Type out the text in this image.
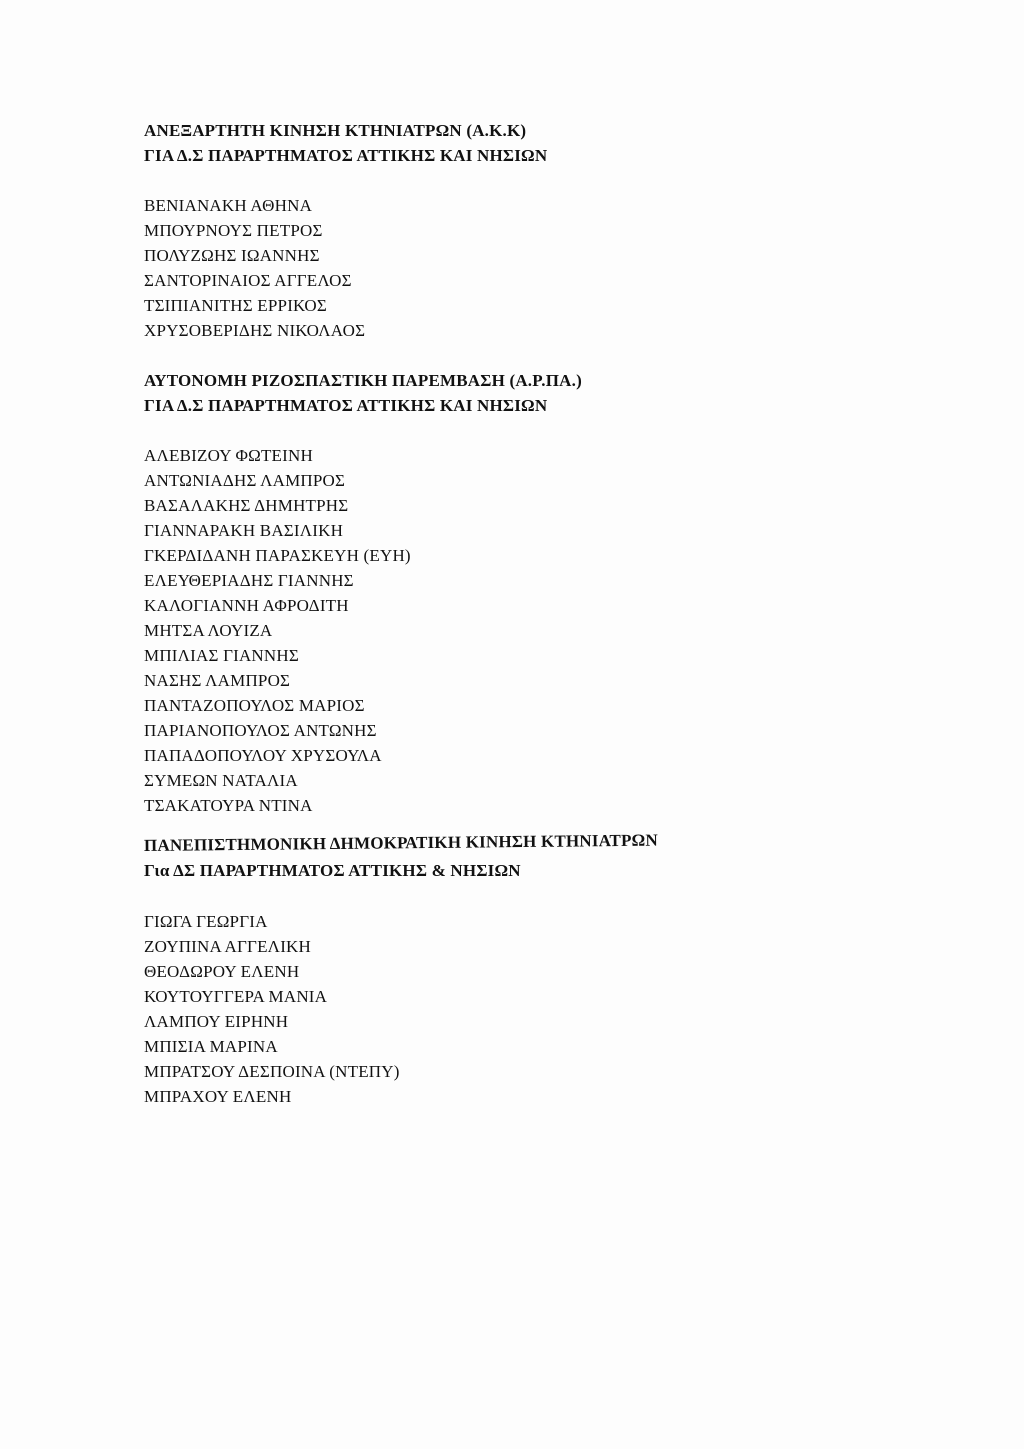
ΑΝΕΞΑΡΤΗΤΗ ΚΙΝΗΣΗ ΚΤΗΝΙΑΤΡΩΝ (Α.Κ.Κ)
ΓΙΑ Δ.Σ ΠΑΡΑΡΤΗΜΑΤΟΣ ΑΤΤΙΚΗΣ ΚΑΙ ΝΗΣΙΩΝ
ΒΕΝΙΑΝΑΚΗ ΑΘΗΝΑ
ΜΠΟΥΡΝΟΥΣ ΠΕΤΡΟΣ
ΠΟΛΥΖΩΗΣ ΙΩΑΝΝΗΣ
ΣΑΝΤΟΡΙΝΑΙΟΣ ΑΓΓΕΛΟΣ
ΤΣΙΠΙΑΝΙΤΗΣ ΕΡΡΙΚΟΣ
ΧΡΥΣΟΒΕΡΙΔΗΣ ΝΙΚΟΛΑΟΣ
ΑΥΤΟΝΟΜΗ ΡΙΖΟΣΠΑΣΤΙΚΗ ΠΑΡΕΜΒΑΣΗ (Α.Ρ.ΠΑ.)
ΓΙΑ Δ.Σ ΠΑΡΑΡΤΗΜΑΤΟΣ ΑΤΤΙΚΗΣ ΚΑΙ ΝΗΣΙΩΝ
ΑΛΕΒΙΖΟΥ ΦΩΤΕΙΝΗ
ΑΝΤΩΝΙΑΔΗΣ ΛΑΜΠΡΟΣ
ΒΑΣΑΛΑΚΗΣ ΔΗΜΗΤΡΗΣ
ΓΙΑΝΝΑΡΑΚΗ ΒΑΣΙΛΙΚΗ
ΓΚΕΡΔΙΔΑΝΗ ΠΑΡΑΣΚΕΥΗ (ΕΥΗ)
ΕΛΕΥΘΕΡΙΑΔΗΣ ΓΙΑΝΝΗΣ
ΚΑΛΟΓΙΑΝΝΗ ΑΦΡΟΔΙΤΗ
ΜΗΤΣΑ ΛΟΥΙΖΑ
ΜΠΙΛΙΑΣ ΓΙΑΝΝΗΣ
ΝΑΣΗΣ ΛΑΜΠΡΟΣ
ΠΑΝΤΑΖΟΠΟΥΛΟΣ ΜΑΡΙΟΣ
ΠΑΡΙΑΝΟΠΟΥΛΟΣ ΑΝΤΩΝΗΣ
ΠΑΠΑΔΟΠΟΥΛΟΥ ΧΡΥΣΟΥΛΑ
ΣΥΜΕΩΝ ΝΑΤΑΛΙΑ
ΤΣΑΚΑΤΟΥΡΑ ΝΤΙΝΑ
ΠΑΝΕΠΙΣΤΗΜΟΝΙΚΗ ΔΗΜΟΚΡΑΤΙΚΗ ΚΙΝΗΣΗ ΚΤΗΝΙΑΤΡΩΝ
Για ΔΣ ΠΑΡΑΡΤΗΜΑΤΟΣ ΑΤΤΙΚΗΣ & ΝΗΣΙΩΝ
ΓΙΩΓΑ ΓΕΩΡΓΙΑ
ΖΟΥΠΙΝΑ ΑΓΓΕΛΙΚΗ
ΘΕΟΔΩΡΟΥ ΕΛΕΝΗ
ΚΟΥΤΟΥΓΓΕΡΑ ΜΑΝΙΑ
ΛΑΜΠΟΥ ΕΙΡΗΝΗ
ΜΠΙΣΙΑ ΜΑΡΙΝΑ
ΜΠΡΑΤΣΟΥ ΔΕΣΠΟΙΝΑ (ΝΤΕΠΥ)
ΜΠΡΑΧΟΥ ΕΛΕΝΗ
